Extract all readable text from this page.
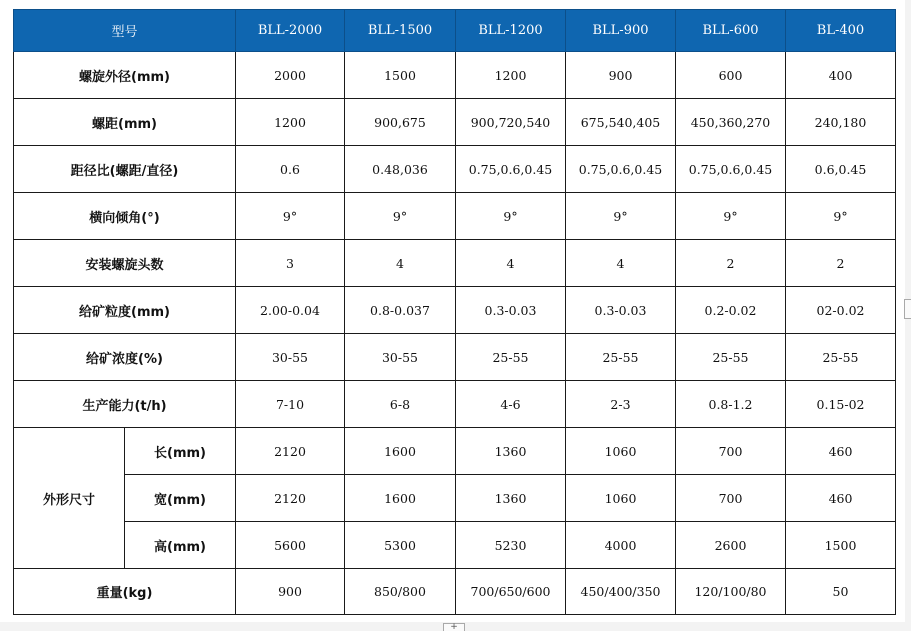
型号		BLL-2000	BLL-1500	BLL-1200	BLL-900	BLL-600	BL-400
螺旋外径(mm)		2000	1500	1200	900	600	400
螺距(mm)		1200	900,675	900,720,540	675,540,405	450,360,270	240,180
距径比(螺距/直径)		0.6	0.48,036	0.75,0.6,0.45	0.75,0.6,0.45	0.75,0.6,0.45	0.6,0.45
横向倾角(°)		9°	9°	9°	9°	9°	9°
安装螺旋头数		3	4	4	4	2	2
给矿粒度(mm)		2.00-0.04	0.8-0.037	0.3-0.03	0.3-0.03	0.2-0.02	02-0.02
给矿浓度(%)		30-55	30-55	25-55	25-55	25-55	25-55
生产能力(t/h)		7-10	6-8	4-6	2-3	0.8-1.2	0.15-02
外形尺寸	长(mm)	2120	1600	1360	1060	700	460
	宽(mm)	2120	1600	1360	1060	700	460
	高(mm)	5600	5300	5230	4000	2600	1500
重量(kg)		900	850/800	700/650/600	450/400/350	120/100/80	50
+
